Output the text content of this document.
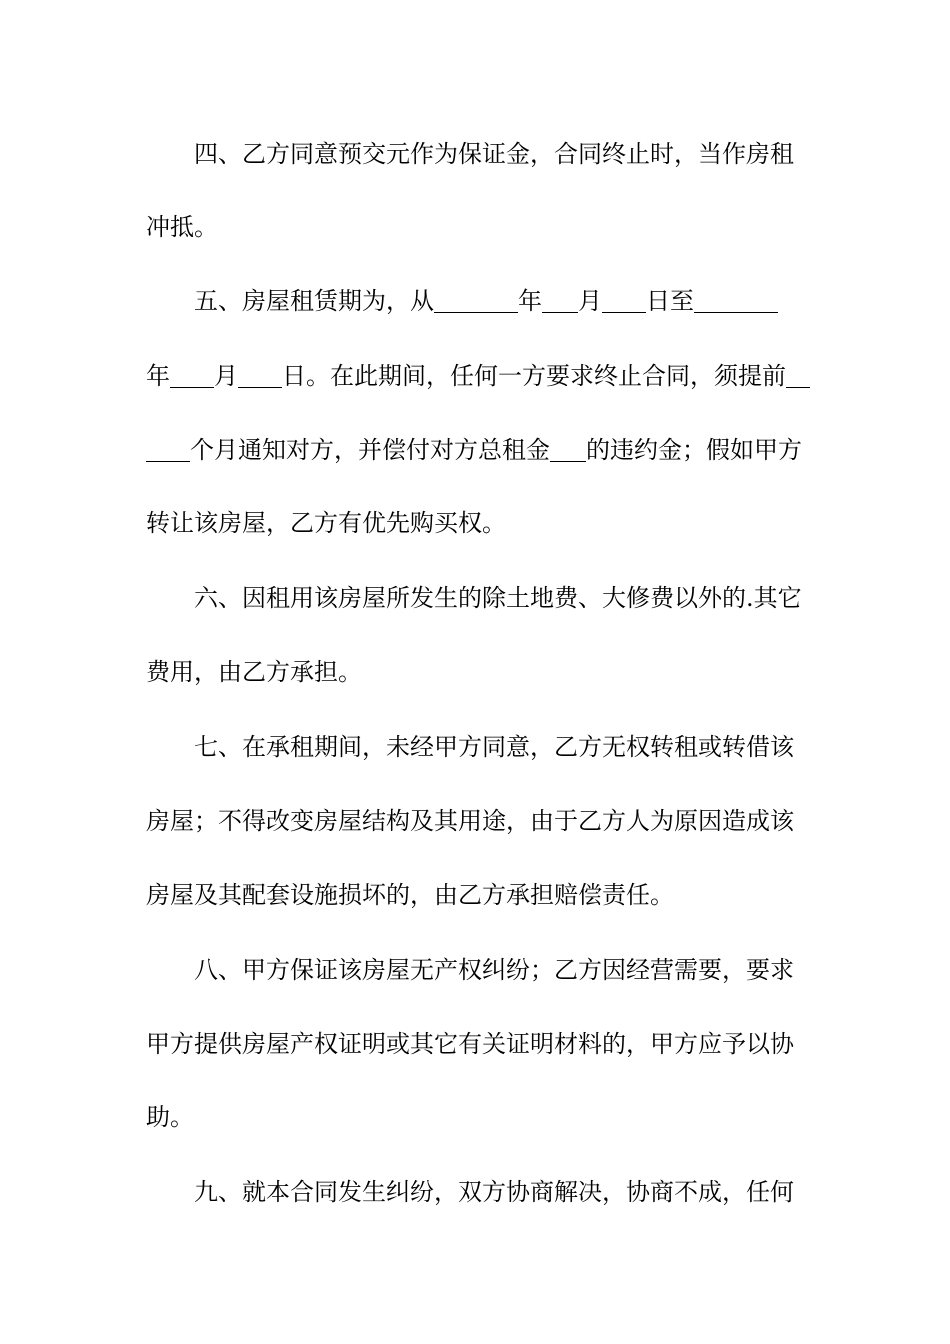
四、乙方同意预交元作为保证金，合同终止时，当作房租
冲抵。
五、房屋租赁期为，从	年 月 日至
年 月 日。在此期间，任何一方要求终止合同，须提前
个月通知对方，并偿付对方总租金 的违约金；假如甲方
转让该房屋，乙方有优先购买权。
六、因租用该房屋所发生的除土地费、大修费以外的.其它
费用，由乙方承担。
七、在承租期间，未经甲方同意，乙方无权转租或转借该
房屋；不得改变房屋结构及其用途，由于乙方人为原因造成该
房屋及其配套设施损坏的，由乙方承担赔偿责任。
八、甲方保证该房屋无产权纠纷；乙方因经营需要，要求
甲方提供房屋产权证明或其它有关证明材料的，甲方应予以协
助。
九、就本合同发生纠纷，双方协商解决，协商不成，任何
